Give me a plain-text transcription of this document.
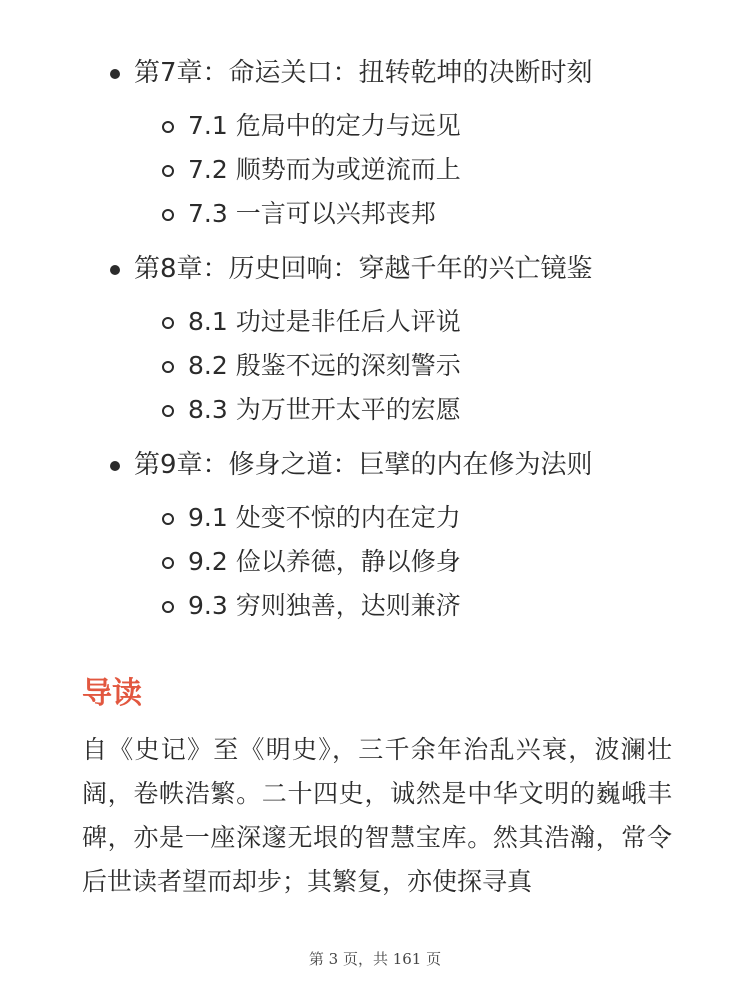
第7章：命运关口：扭转乾坤的决断时刻
7.1 危局中的定力与远见
7.2 顺势而为或逆流而上
7.3 一言可以兴邦丧邦
第8章：历史回响：穿越千年的兴亡镜鉴
8.1 功过是非任后人评说
8.2 殷鉴不远的深刻警示
8.3 为万世开太平的宏愿
第9章：修身之道：巨擘的内在修为法则
9.1 处变不惊的内在定力
9.2 俭以养德，静以修身
9.3 穷则独善，达则兼济
导读

自《史记》至《明史》，三千余年治乱兴衰，波澜壮阔，卷帙浩繁。二十四史，诚然是中华文明的巍峨丰碑，亦是一座深邃无垠的智慧宝库。然其浩瀚，常令后世读者望而却步；其繁复，亦使探寻真

第 3 页，共 161 页
